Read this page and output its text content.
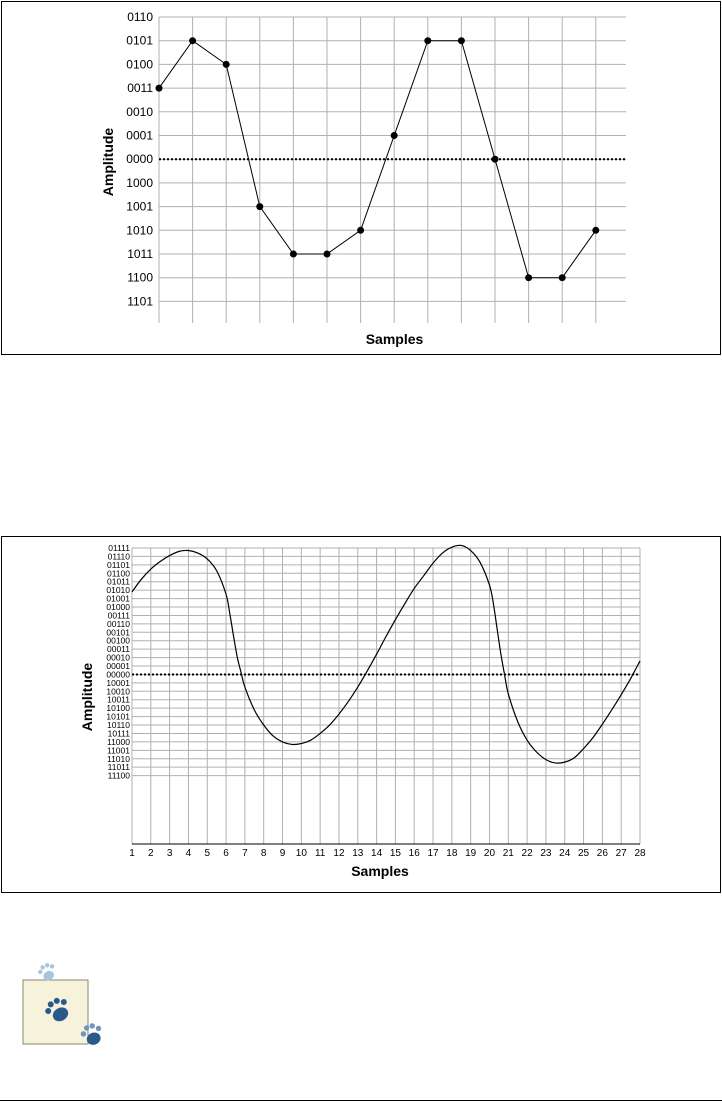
0110
0101
0100
0011
0010
0001
0000
1000
1001
1010
1011
1100
1101
Samples
Amplitude
01111
01110
01101
01100
01011
01010
01001
01000
00111
00110
00101
00100
00011
00010
00001
00000
10001
10010
10011
10100
10101
10110
10111
11000
11001
11010
11011
11100
1 2 3 4 5 6 7 8 9 10 11 12 13 14 15 16 17 18 19 20 21 22 23 24 25 26 27 28
Samples
Amplitude
